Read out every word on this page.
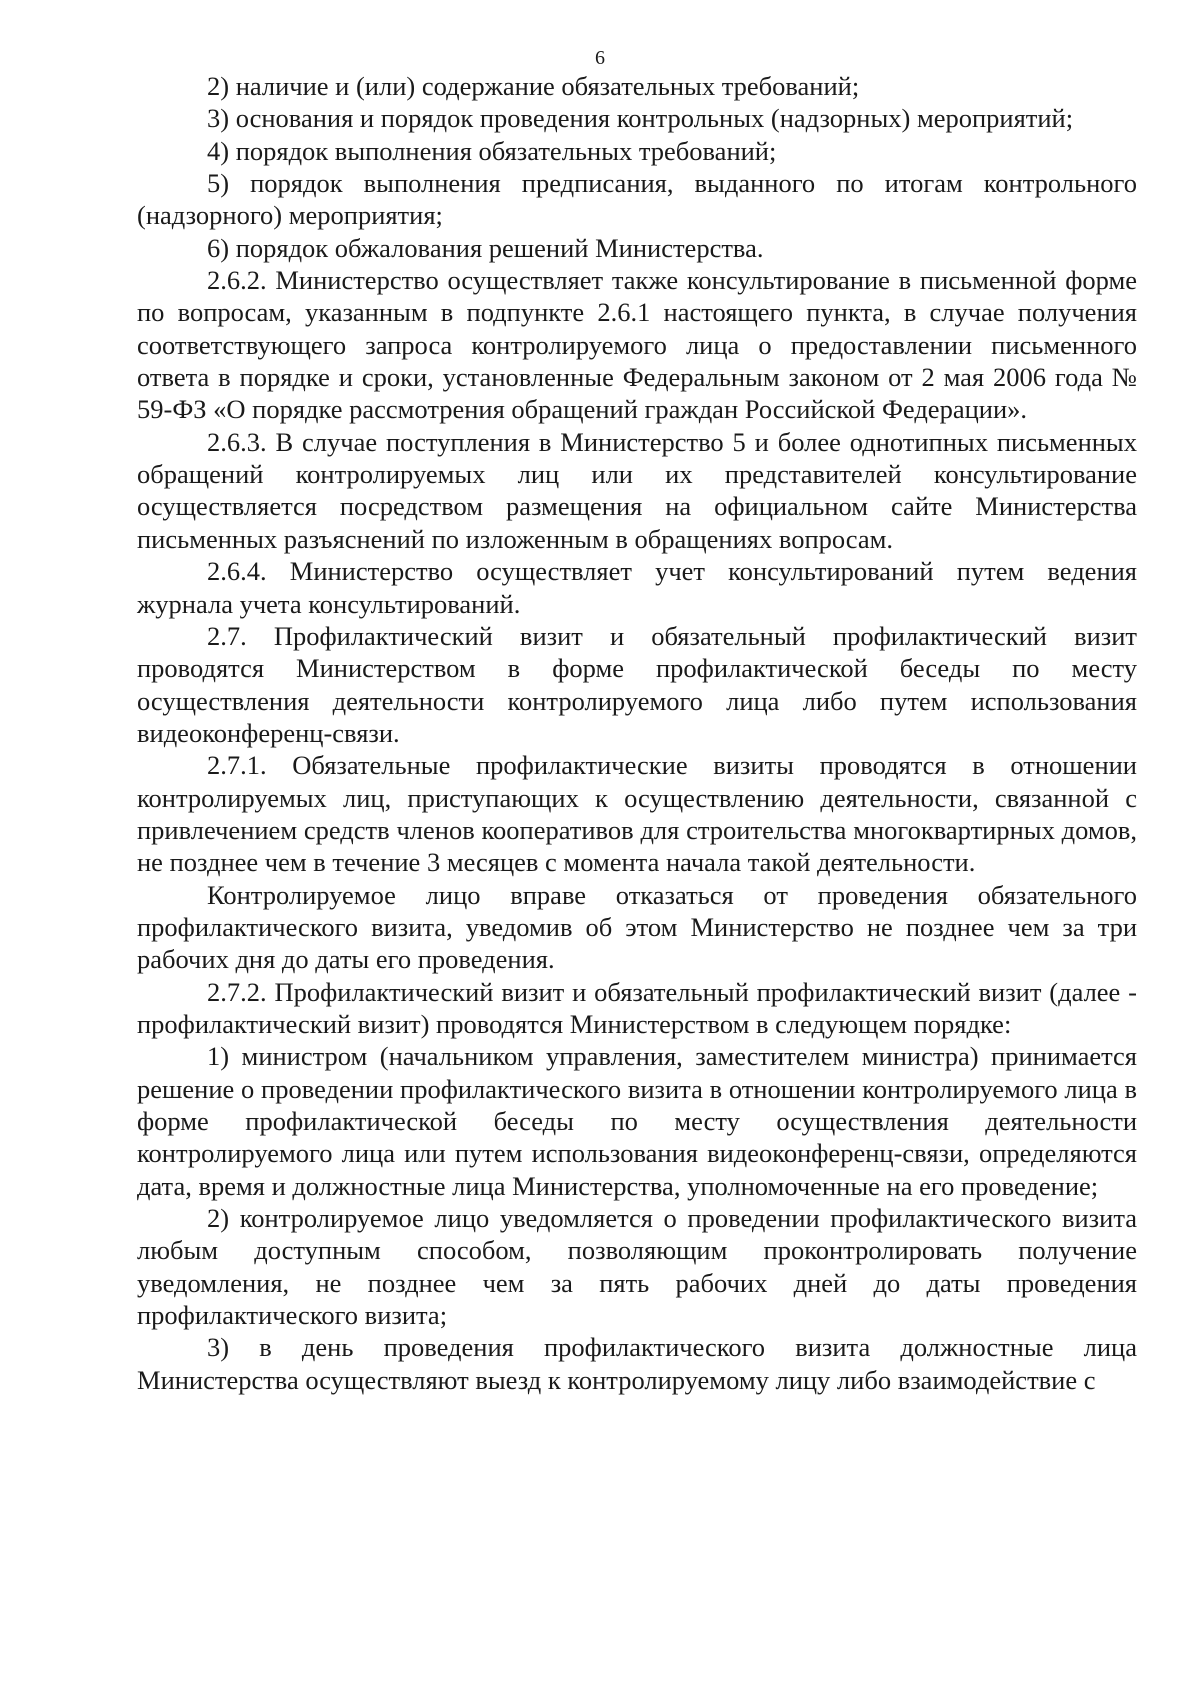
6

2) наличие и (или) содержание обязательных требований;

3) основания и порядок проведения контрольных (надзорных) мероприятий;

4) порядок выполнения обязательных требований;

5) порядок выполнения предписания, выданного по итогам контрольного (надзорного) мероприятия;

6) порядок обжалования решений Министерства.

2.6.2. Министерство осуществляет также консультирование в письменной форме по вопросам, указанным в подпункте 2.6.1 настоящего пункта, в случае получения соответствующего запроса контролируемого лица о предоставлении письменного ответа в порядке и сроки, установленные Федеральным законом от 2 мая 2006 года № 59-ФЗ «О порядке рассмотрения обращений граждан Российской Федерации».

2.6.3. В случае поступления в Министерство 5 и более однотипных письменных обращений контролируемых лиц или их представителей консультирование осуществляется посредством размещения на официальном сайте Министерства письменных разъяснений по изложенным в обращениях вопросам.

2.6.4. Министерство осуществляет учет консультирований путем ведения журнала учета консультирований.

2.7. Профилактический визит и обязательный профилактический визит проводятся Министерством в форме профилактической беседы по месту осуществления деятельности контролируемого лица либо путем использования видеоконференц-связи.

2.7.1. Обязательные профилактические визиты проводятся в отношении контролируемых лиц, приступающих к осуществлению деятельности, связанной с привлечением средств членов кооперативов для строительства многоквартирных домов, не позднее чем в течение 3 месяцев с момента начала такой деятельности.

Контролируемое лицо вправе отказаться от проведения обязательного профилактического визита, уведомив об этом Министерство не позднее чем за три рабочих дня до даты его проведения.

2.7.2. Профилактический визит и обязательный профилактический визит (далее - профилактический визит) проводятся Министерством в следующем порядке:

1) министром (начальником управления, заместителем министра) принимается решение о проведении профилактического визита в отношении контролируемого лица в форме профилактической беседы по месту осуществления деятельности контролируемого лица или путем использования видеоконференц-связи, определяются дата, время и должностные лица Министерства, уполномоченные на его проведение;

2) контролируемое лицо уведомляется о проведении профилактического визита любым доступным способом, позволяющим проконтролировать получение уведомления, не позднее чем за пять рабочих дней до даты проведения профилактического визита;

3) в день проведения профилактического визита должностные лица Министерства осуществляют выезд к контролируемому лицу либо взаимодействие с
